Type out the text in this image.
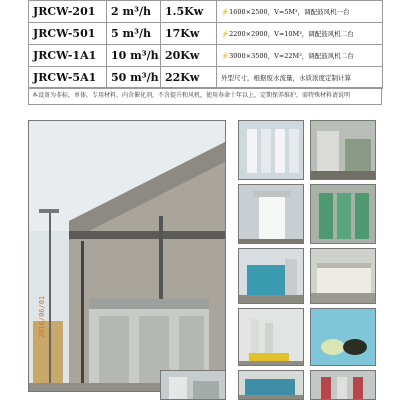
JRCW-201	2 m³/h	1.5Kw	⚡1600×2500，V=5M³，调配鼓风机一台
JRCW-501	5 m³/h	17Kw	⚡2200×2900，V=10M³，调配鼓风机二台
JRCW-1A1	10 m³/h	20Kw	⚡3000×3500，V=22M³，调配鼓风机二台
JRCW-5A1	50 m³/h	22Kw	外型尺寸，根据废水流量，水质浓度定制计算
本设备为非标，单体，专用材料，内含催化剂，不含提升和风机，使用寿命十年以上，定期保养维护，需特殊材料请说明
2010/06/01
